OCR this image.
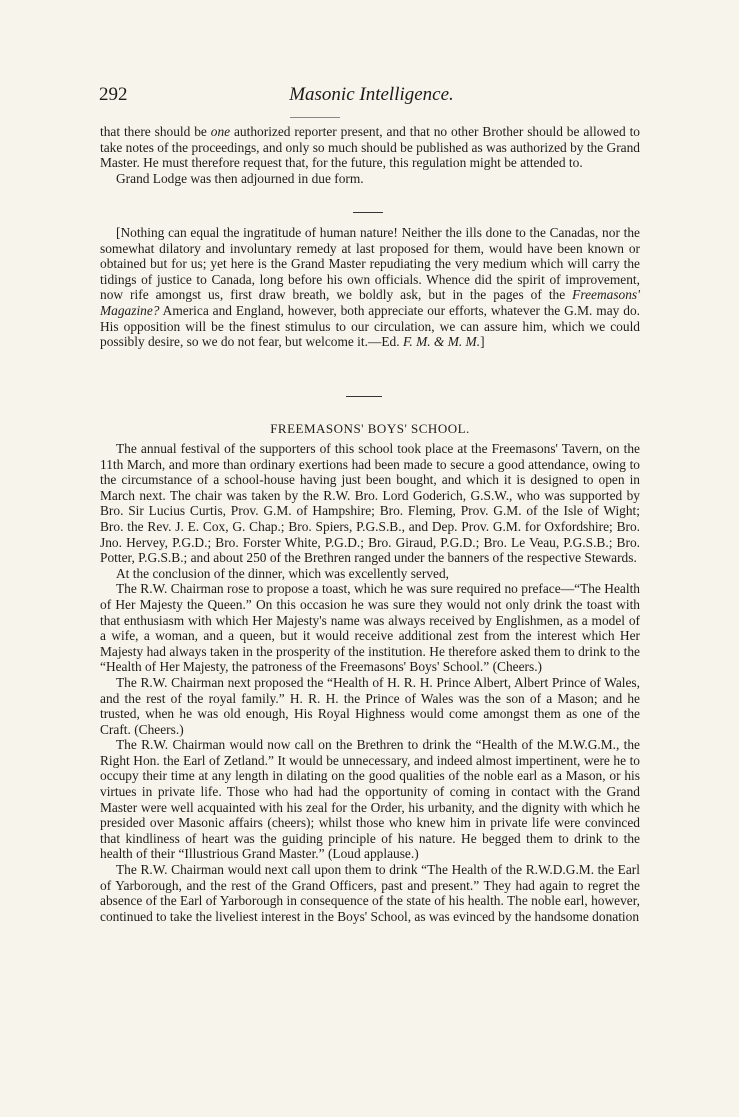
292	Masonic Intelligence.

that there should be one authorized reporter present, and that no other Brother should be allowed to take notes of the proceedings, and only so much should be published as was authorized by the Grand Master. He must therefore request that, for the future, this regulation might be attended to.

Grand Lodge was then adjourned in due form.

[Nothing can equal the ingratitude of human nature! Neither the ills done to the Canadas, nor the somewhat dilatory and involuntary remedy at last proposed for them, would have been known or obtained but for us; yet here is the Grand Master repudiating the very medium which will carry the tidings of justice to Canada, long before his own officials. Whence did the spirit of improvement, now rife amongst us, first draw breath, we boldly ask, but in the pages of the Freemasons' Magazine? America and England, however, both appreciate our efforts, whatever the G.M. may do. His opposition will be the finest stimulus to our circulation, we can assure him, which we could possibly desire, so we do not fear, but welcome it.—Ed. F. M. & M. M.]

FREEMASONS' BOYS' SCHOOL.

The annual festival of the supporters of this school took place at the Freemasons' Tavern, on the 11th March, and more than ordinary exertions had been made to secure a good attendance, owing to the circumstance of a school-house having just been bought, and which it is designed to open in March next. The chair was taken by the R.W. Bro. Lord Goderich, G.S.W., who was supported by Bro. Sir Lucius Curtis, Prov. G.M. of Hampshire; Bro. Fleming, Prov. G.M. of the Isle of Wight; Bro. the Rev. J. E. Cox, G. Chap.; Bro. Spiers, P.G.S.B., and Dep. Prov. G.M. for Oxfordshire; Bro. Jno. Hervey, P.G.D.; Bro. Forster White, P.G.D.; Bro. Giraud, P.G.D.; Bro. Le Veau, P.G.S.B.; Bro. Potter, P.G.S.B.; and about 250 of the Brethren ranged under the banners of the respective Stewards.

At the conclusion of the dinner, which was excellently served,

The R.W. Chairman rose to propose a toast, which he was sure required no preface—“The Health of Her Majesty the Queen.” On this occasion he was sure they would not only drink the toast with that enthusiasm with which Her Majesty's name was always received by Englishmen, as a model of a wife, a woman, and a queen, but it would receive additional zest from the interest which Her Majesty had always taken in the prosperity of the institution. He therefore asked them to drink to the “Health of Her Majesty, the patroness of the Freemasons' Boys' School.” (Cheers.)

The R.W. Chairman next proposed the “Health of H. R. H. Prince Albert, Albert Prince of Wales, and the rest of the royal family.” H. R. H. the Prince of Wales was the son of a Mason; and he trusted, when he was old enough, His Royal Highness would come amongst them as one of the Craft. (Cheers.)

The R.W. Chairman would now call on the Brethren to drink the “Health of the M.W.G.M., the Right Hon. the Earl of Zetland.” It would be unnecessary, and indeed almost impertinent, were he to occupy their time at any length in dilating on the good qualities of the noble earl as a Mason, or his virtues in private life. Those who had had the opportunity of coming in contact with the Grand Master were well acquainted with his zeal for the Order, his urbanity, and the dignity with which he presided over Masonic affairs (cheers); whilst those who knew him in private life were convinced that kindliness of heart was the guiding principle of his nature. He begged them to drink to the health of their “Illustrious Grand Master.” (Loud applause.)

The R.W. Chairman would next call upon them to drink “The Health of the R.W.D.G.M. the Earl of Yarborough, and the rest of the Grand Officers, past and present.” They had again to regret the absence of the Earl of Yarborough in consequence of the state of his health. The noble earl, however, continued to take the liveliest interest in the Boys' School, as was evinced by the handsome donation
